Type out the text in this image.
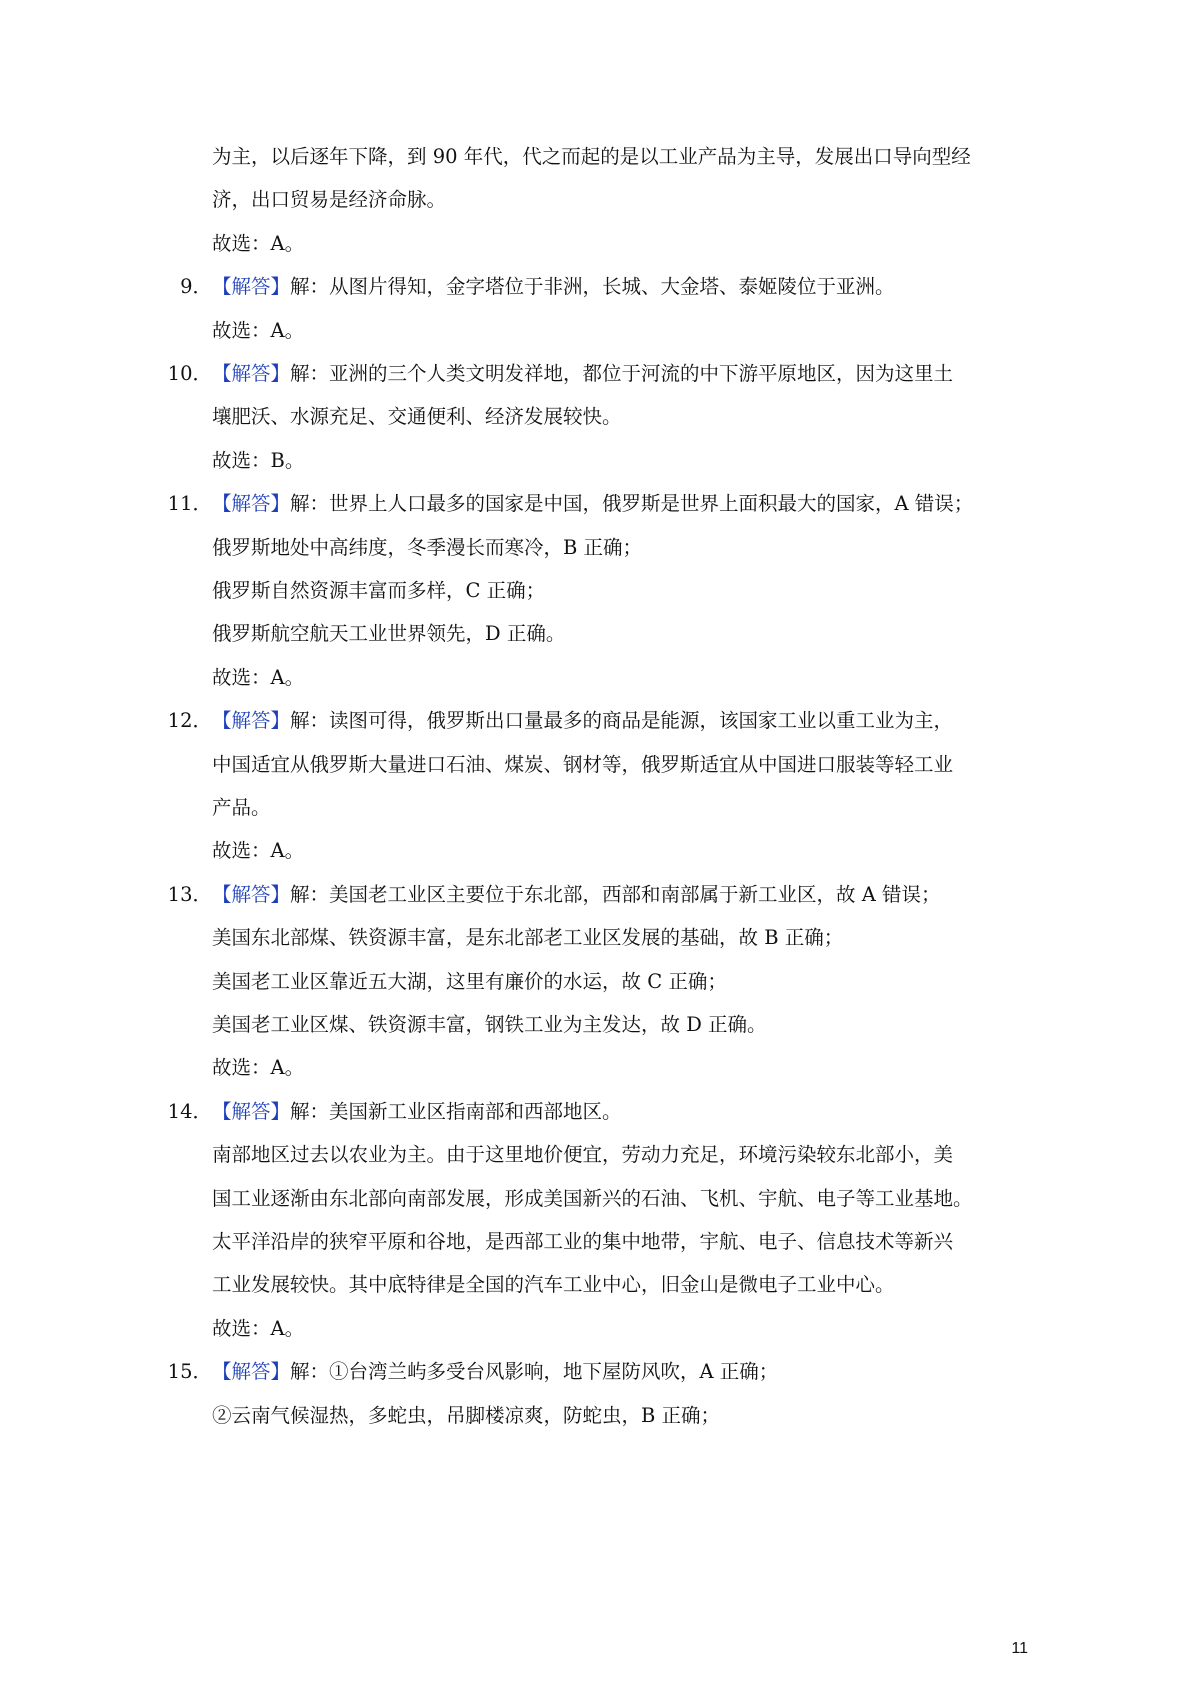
为主，以后逐年下降，到 90 年代，代之而起的是以工业产品为主导，发展出口导向型经
济，出口贸易是经济命脉。
故选：A。
9． 【解答】解：从图片得知，金字塔位于非洲，长城、大金塔、泰姬陵位于亚洲。
故选：A。
10． 【解答】解：亚洲的三个人类文明发祥地，都位于河流的中下游平原地区，因为这里土
壤肥沃、水源充足、交通便利、经济发展较快。
故选：B。
11． 【解答】解：世界上人口最多的国家是中国，俄罗斯是世界上面积最大的国家，A 错误；
俄罗斯地处中高纬度，冬季漫长而寒冷，B 正确；
俄罗斯自然资源丰富而多样，C 正确；
俄罗斯航空航天工业世界领先，D 正确。
故选：A。
12． 【解答】解：读图可得，俄罗斯出口量最多的商品是能源，该国家工业以重工业为主，
中国适宜从俄罗斯大量进口石油、煤炭、钢材等，俄罗斯适宜从中国进口服装等轻工业
产品。
故选：A。
13． 【解答】解：美国老工业区主要位于东北部，西部和南部属于新工业区，故 A 错误；
美国东北部煤、铁资源丰富，是东北部老工业区发展的基础，故 B 正确；
美国老工业区靠近五大湖，这里有廉价的水运，故 C 正确；
美国老工业区煤、铁资源丰富，钢铁工业为主发达，故 D 正确。
故选：A。
14． 【解答】解：美国新工业区指南部和西部地区。
南部地区过去以农业为主。由于这里地价便宜，劳动力充足，环境污染较东北部小，美
国工业逐渐由东北部向南部发展，形成美国新兴的石油、飞机、宇航、电子等工业基地。
太平洋沿岸的狭窄平原和谷地，是西部工业的集中地带，宇航、电子、信息技术等新兴
工业发展较快。其中底特律是全国的汽车工业中心，旧金山是微电子工业中心。
故选：A。
15． 【解答】解：①台湾兰屿多受台风影响，地下屋防风吹，A 正确；
②云南气候湿热，多蛇虫，吊脚楼凉爽，防蛇虫，B 正确；
11
